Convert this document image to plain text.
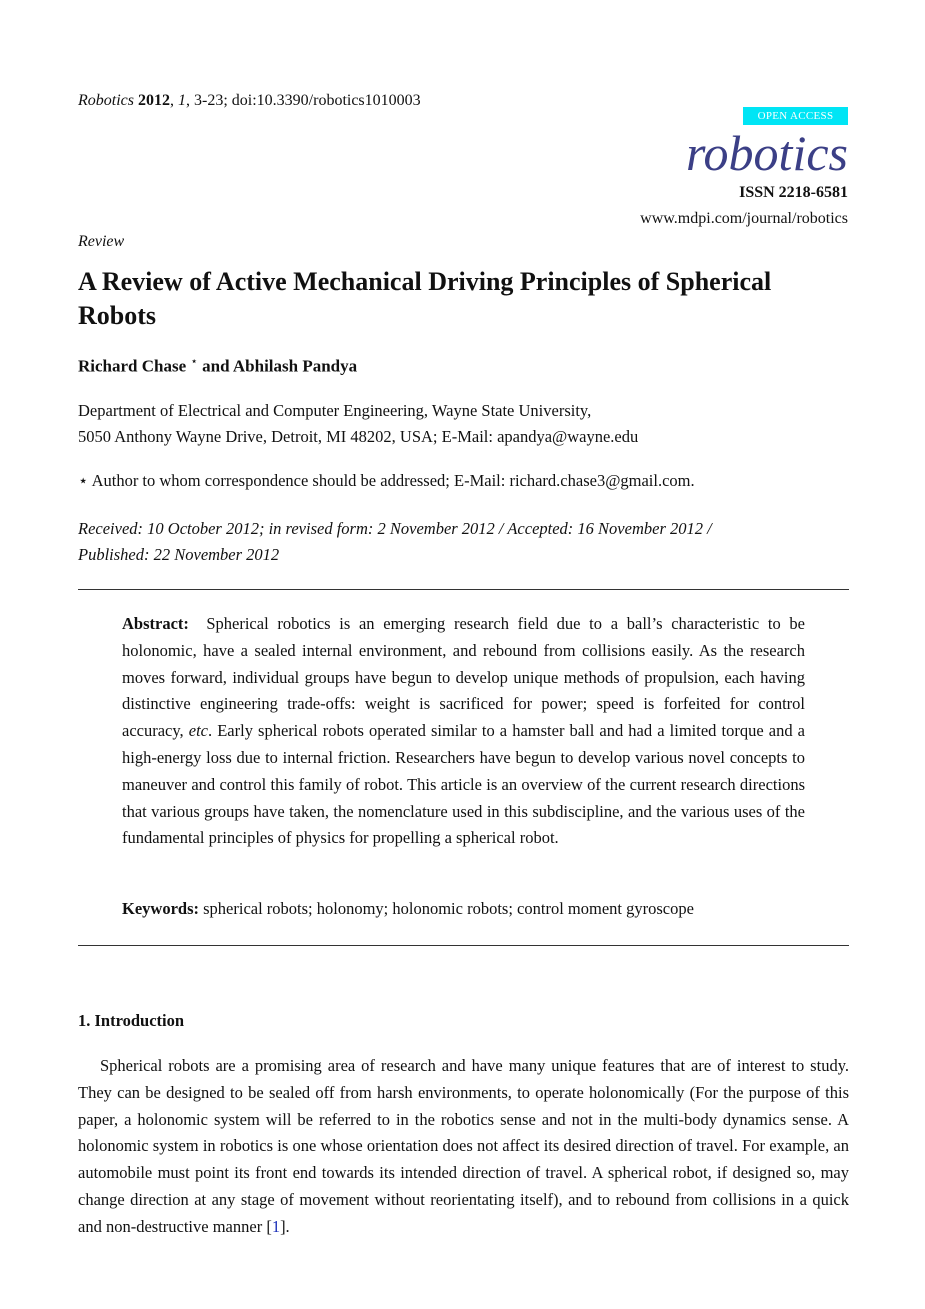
Robotics 2012, 1, 3-23; doi:10.3390/robotics1010003
OPEN ACCESS
robotics
ISSN 2218-6581
www.mdpi.com/journal/robotics
Review
A Review of Active Mechanical Driving Principles of Spherical Robots
Richard Chase ⋆ and Abhilash Pandya
Department of Electrical and Computer Engineering, Wayne State University,
5050 Anthony Wayne Drive, Detroit, MI 48202, USA; E-Mail: apandya@wayne.edu
⋆ Author to whom correspondence should be addressed; E-Mail: richard.chase3@gmail.com.
Received: 10 October 2012; in revised form: 2 November 2012 / Accepted: 16 November 2012 /
Published: 22 November 2012
Abstract: Spherical robotics is an emerging research field due to a ball’s characteristic to be holonomic, have a sealed internal environment, and rebound from collisions easily. As the research moves forward, individual groups have begun to develop unique methods of propulsion, each having distinctive engineering trade-offs: weight is sacrificed for power; speed is forfeited for control accuracy, etc. Early spherical robots operated similar to a hamster ball and had a limited torque and a high-energy loss due to internal friction. Researchers have begun to develop various novel concepts to maneuver and control this family of robot. This article is an overview of the current research directions that various groups have taken, the nomenclature used in this subdiscipline, and the various uses of the fundamental principles of physics for propelling a spherical robot.
Keywords: spherical robots; holonomy; holonomic robots; control moment gyroscope
1. Introduction
Spherical robots are a promising area of research and have many unique features that are of interest to study. They can be designed to be sealed off from harsh environments, to operate holonomically (For the purpose of this paper, a holonomic system will be referred to in the robotics sense and not in the multi-body dynamics sense. A holonomic system in robotics is one whose orientation does not affect its desired direction of travel. For example, an automobile must point its front end towards its intended direction of travel. A spherical robot, if designed so, may change direction at any stage of movement without reorientating itself), and to rebound from collisions in a quick and non-destructive manner [1].
